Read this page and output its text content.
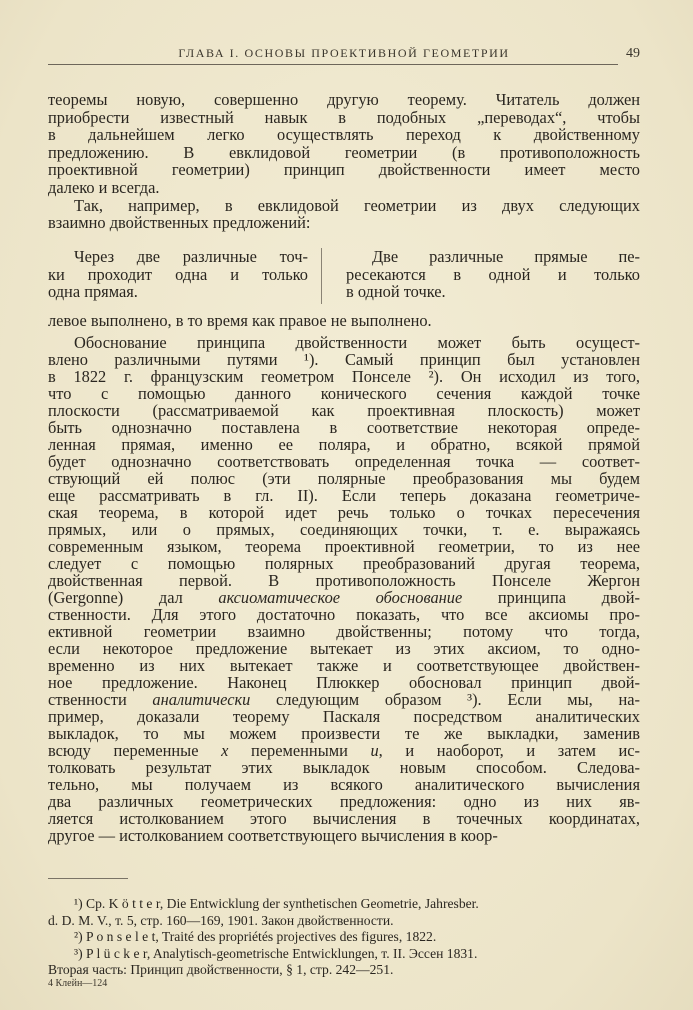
ГЛАВА I. ОСНОВЫ ПРОЕКТИВНОЙ ГЕОМЕТРИИ	49
теоремы новую, совершенно другую теорему. Читатель должен
приобрести известный навык в подобных „переводах“, чтобы
в дальнейшем легко осуществлять переход к двойственному
предложению. В евклидовой геометрии (в противоположность
проективной геометрии) принцип двойственности имеет место
далеко и всегда.
Так, например, в евклидовой геометрии из двух следующих
взаимно двойственных предложений:
Через две различные точ-
ки проходит одна и только
одна прямая.
Две различные прямые пе-
ресекаются в одной и только
в одной точке.
левое выполнено, в то время как правое не выполнено.
Обоснование принципа двойственности может быть осущест-
влено различными путями ¹). Самый принцип был установлен
в 1822 г. французским геометром Понселе ²). Он исходил из того,
что с помощью данного конического сечения каждой точке
плоскости (рассматриваемой как проективная плоскость) может
быть однозначно поставлена в соответствие некоторая опреде-
ленная прямая, именно ее поляра, и обратно, всякой прямой
будет однозначно соответствовать определенная точка — соответ-
ствующий ей полюс (эти полярные преобразования мы будем
еще рассматривать в гл. II). Если теперь доказана геометриче-
ская теорема, в которой идет речь только о точках пересечения
прямых, или о прямых, соединяющих точки, т. е. выражаясь
современным языком, теорема проективной геометрии, то из нее
следует с помощью полярных преобразований другая теорема,
двойственная первой. В противоположность Понселе Жергон
(Gergonne) дал аксиоматическое обоснование принципа двой-
ственности. Для этого достаточно показать, что все аксиомы про-
ективной геометрии взаимно двойственны; потому что тогда,
если некоторое предложение вытекает из этих аксиом, то одно-
временно из них вытекает также и соответствующее двойствен-
ное предложение. Наконец Плюккер обосновал принцип двой-
ственности аналитически следующим образом ³). Если мы, на-
пример, доказали теорему Паскаля посредством аналитических
выкладок, то мы можем произвести те же выкладки, заменив
всюду переменные x переменными u, и наоборот, и затем ис-
толковать результат этих выкладок новым способом. Следова-
тельно, мы получаем из всякого аналитического вычисления
два различных геометрических предложения: одно из них яв-
ляется истолкованием этого вычисления в точечных координатах,
другое — истолкованием соответствующего вычисления в коор-
¹) Ср. K ö t t e r, Die Entwicklung der synthetischen Geometrie, Jahresber.
d. D. M. V., т. 5, стр. 160—169, 1901. Закон двойственности.
²) P o n s e l e t, Traité des propriétés projectives des figures, 1822.
³) P l ü c k e r, Analytisch-geometrische Entwicklungen, т. II. Эссен 1831.
Вторая часть: Принцип двойственности, § 1, стр. 242—251.
4 Клейн—124
